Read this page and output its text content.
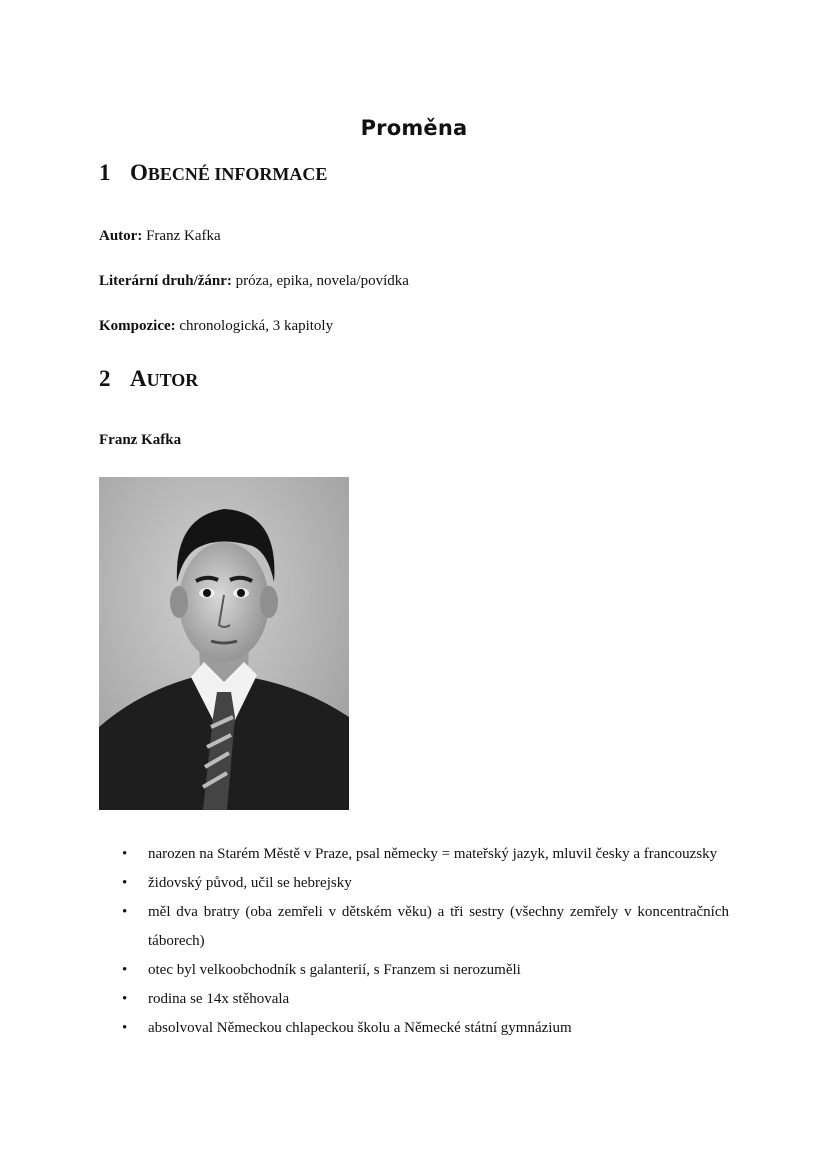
Proměna
1 OBECNÉ INFORMACE
Autor: Franz Kafka
Literární druh/žánr: próza, epika, novela/povídka
Kompozice: chronologická, 3 kapitoly
2 AUTOR
Franz Kafka
• narozen na Starém Městě v Praze, psal německy = mateřský jazyk, mluvil česky a francouzsky
• židovský původ, učil se hebrejsky
• měl dva bratry (oba zemřeli v dětském věku) a tři sestry (všechny zemřely v koncentračních táborech)
• otec byl velkoobchodník s galanterií, s Franzem si nerozuměli
• rodina se 14x stěhovala
• absolvoval Německou chlapeckou školu a Německé státní gymnázium
